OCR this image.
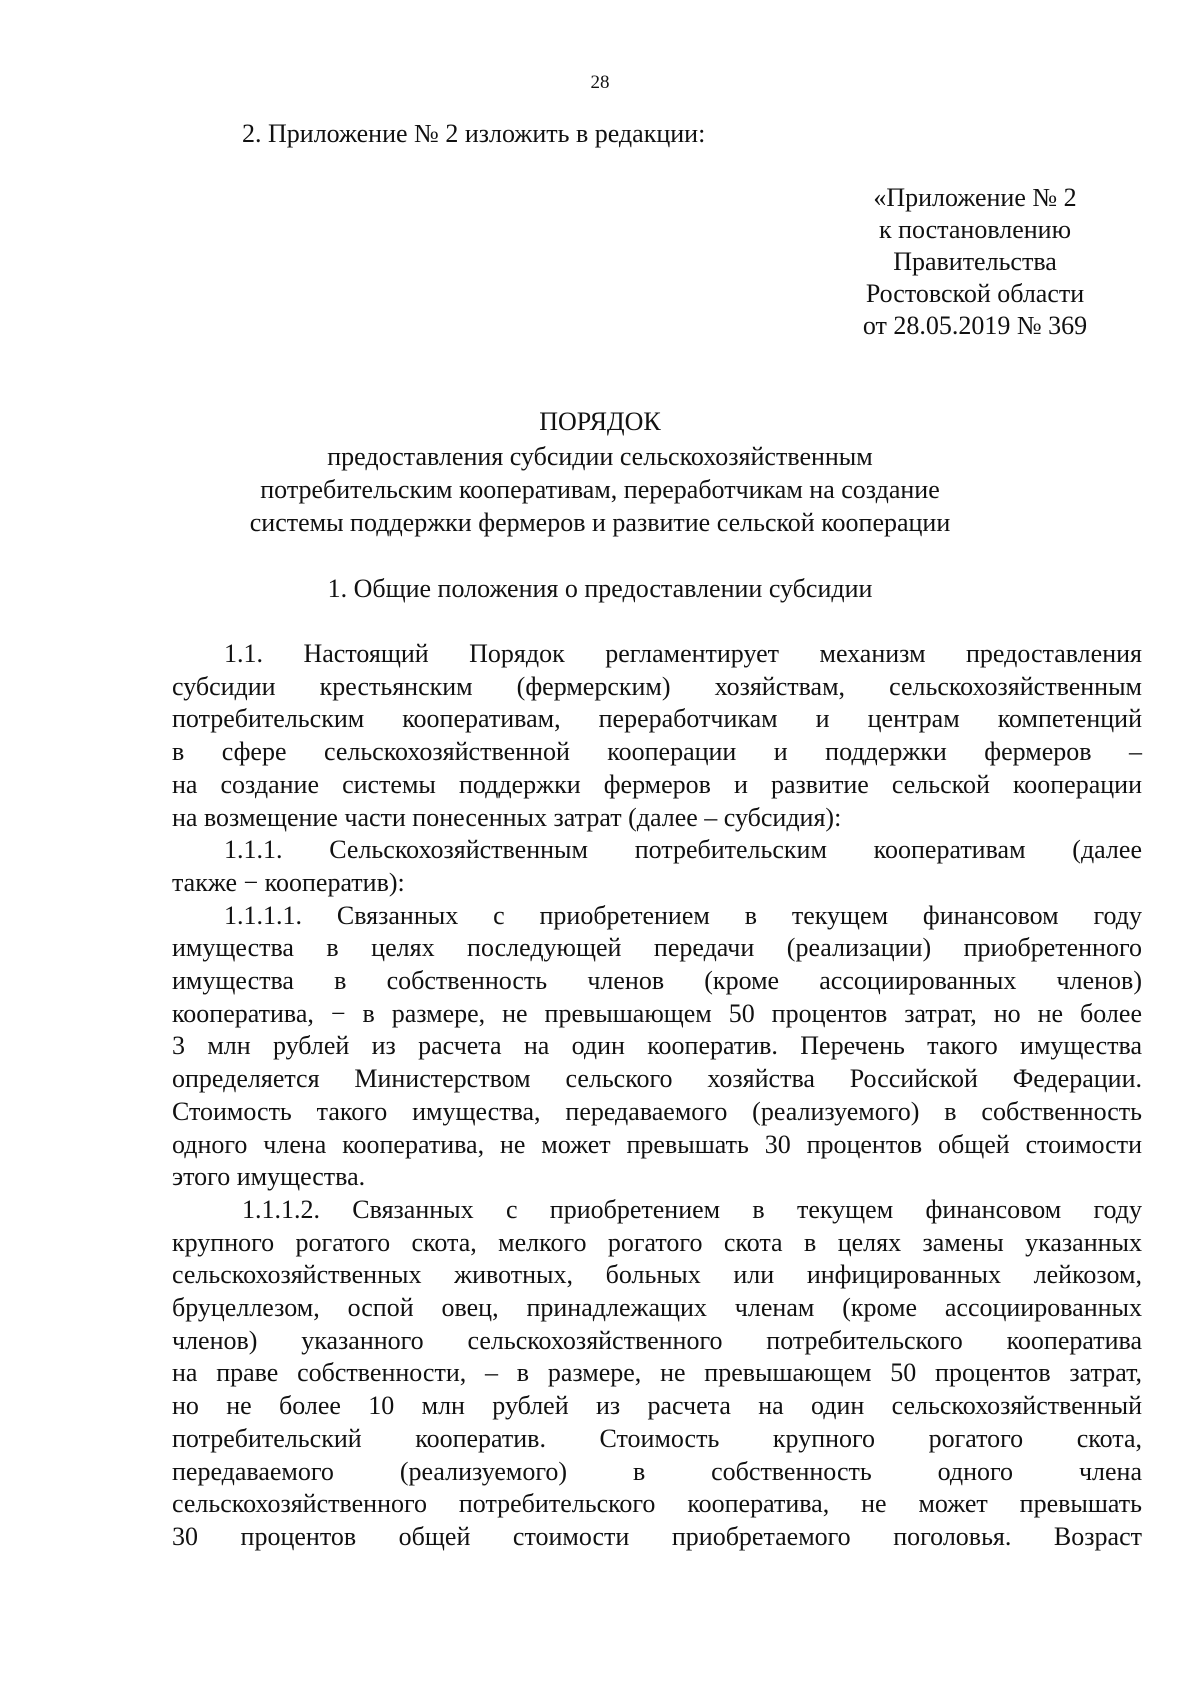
28
2. Приложение № 2 изложить в редакции:
«Приложение № 2
к постановлению
Правительства
Ростовской области
от 28.05.2019 № 369
ПОРЯДОК
предоставления субсидии сельскохозяйственным
потребительским кооперативам, переработчикам на создание
системы поддержки фермеров и развитие сельской кооперации
1. Общие положения о предоставлении субсидии
1.1. Настоящий Порядок регламентирует механизм предоставления
субсидии крестьянским (фермерским) хозяйствам, сельскохозяйственным
потребительским кооперативам, переработчикам и центрам компетенций
в сфере сельскохозяйственной кооперации и поддержки фермеров –
на создание системы поддержки фермеров и развитие сельской кооперации
на возмещение части понесенных затрат (далее – субсидия):
1.1.1. Сельскохозяйственным потребительским кооперативам (далее
также − кооператив):
1.1.1.1. Связанных с приобретением в текущем финансовом году
имущества в целях последующей передачи (реализации) приобретенного
имущества в собственность членов (кроме ассоциированных членов)
кооператива, − в размере, не превышающем 50 процентов затрат, но не более
3 млн рублей из расчета на один кооператив. Перечень такого имущества
определяется Министерством сельского хозяйства Российской Федерации.
Стоимость такого имущества, передаваемого (реализуемого) в собственность
одного члена кооператива, не может превышать 30 процентов общей стоимости
этого имущества.
1.1.1.2. Связанных с приобретением в текущем финансовом году
крупного рогатого скота, мелкого рогатого скота в целях замены указанных
сельскохозяйственных животных, больных или инфицированных лейкозом,
бруцеллезом, оспой овец, принадлежащих членам (кроме ассоциированных
членов) указанного сельскохозяйственного потребительского кооператива
на праве собственности, – в размере, не превышающем 50 процентов затрат,
но не более 10 млн рублей из расчета на один сельскохозяйственный
потребительский кооператив. Стоимость крупного рогатого скота,
передаваемого (реализуемого) в собственность одного члена
сельскохозяйственного потребительского кооператива, не может превышать
30 процентов общей стоимости приобретаемого поголовья. Возраст
